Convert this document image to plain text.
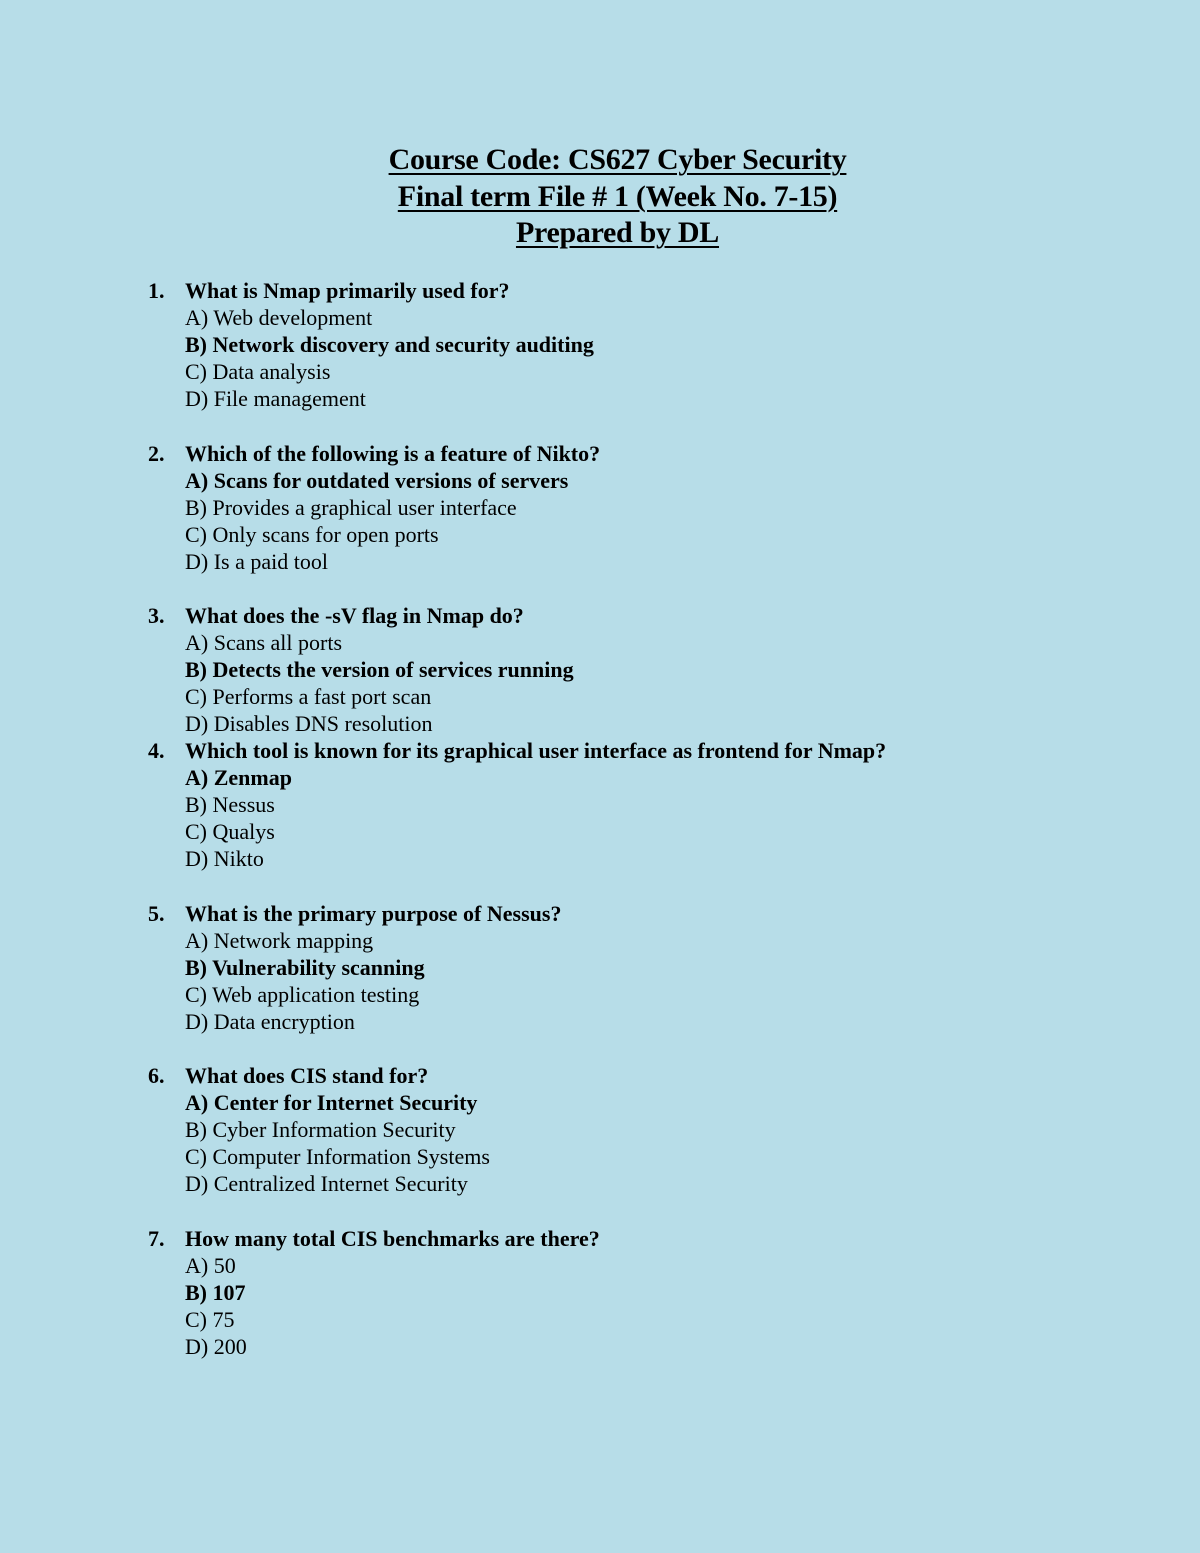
Course Code: CS627 Cyber Security
Final term File # 1 (Week No. 7-15)
Prepared by DL
1. What is Nmap primarily used for?
A) Web development
B) Network discovery and security auditing
C) Data analysis
D) File management
2. Which of the following is a feature of Nikto?
A) Scans for outdated versions of servers
B) Provides a graphical user interface
C) Only scans for open ports
D) Is a paid tool
3. What does the -sV flag in Nmap do?
A) Scans all ports
B) Detects the version of services running
C) Performs a fast port scan
D) Disables DNS resolution
4. Which tool is known for its graphical user interface as frontend for Nmap?
A) Zenmap
B) Nessus
C) Qualys
D) Nikto
5. What is the primary purpose of Nessus?
A) Network mapping
B) Vulnerability scanning
C) Web application testing
D) Data encryption
6. What does CIS stand for?
A) Center for Internet Security
B) Cyber Information Security
C) Computer Information Systems
D) Centralized Internet Security
7. How many total CIS benchmarks are there?
A) 50
B) 107
C) 75
D) 200
